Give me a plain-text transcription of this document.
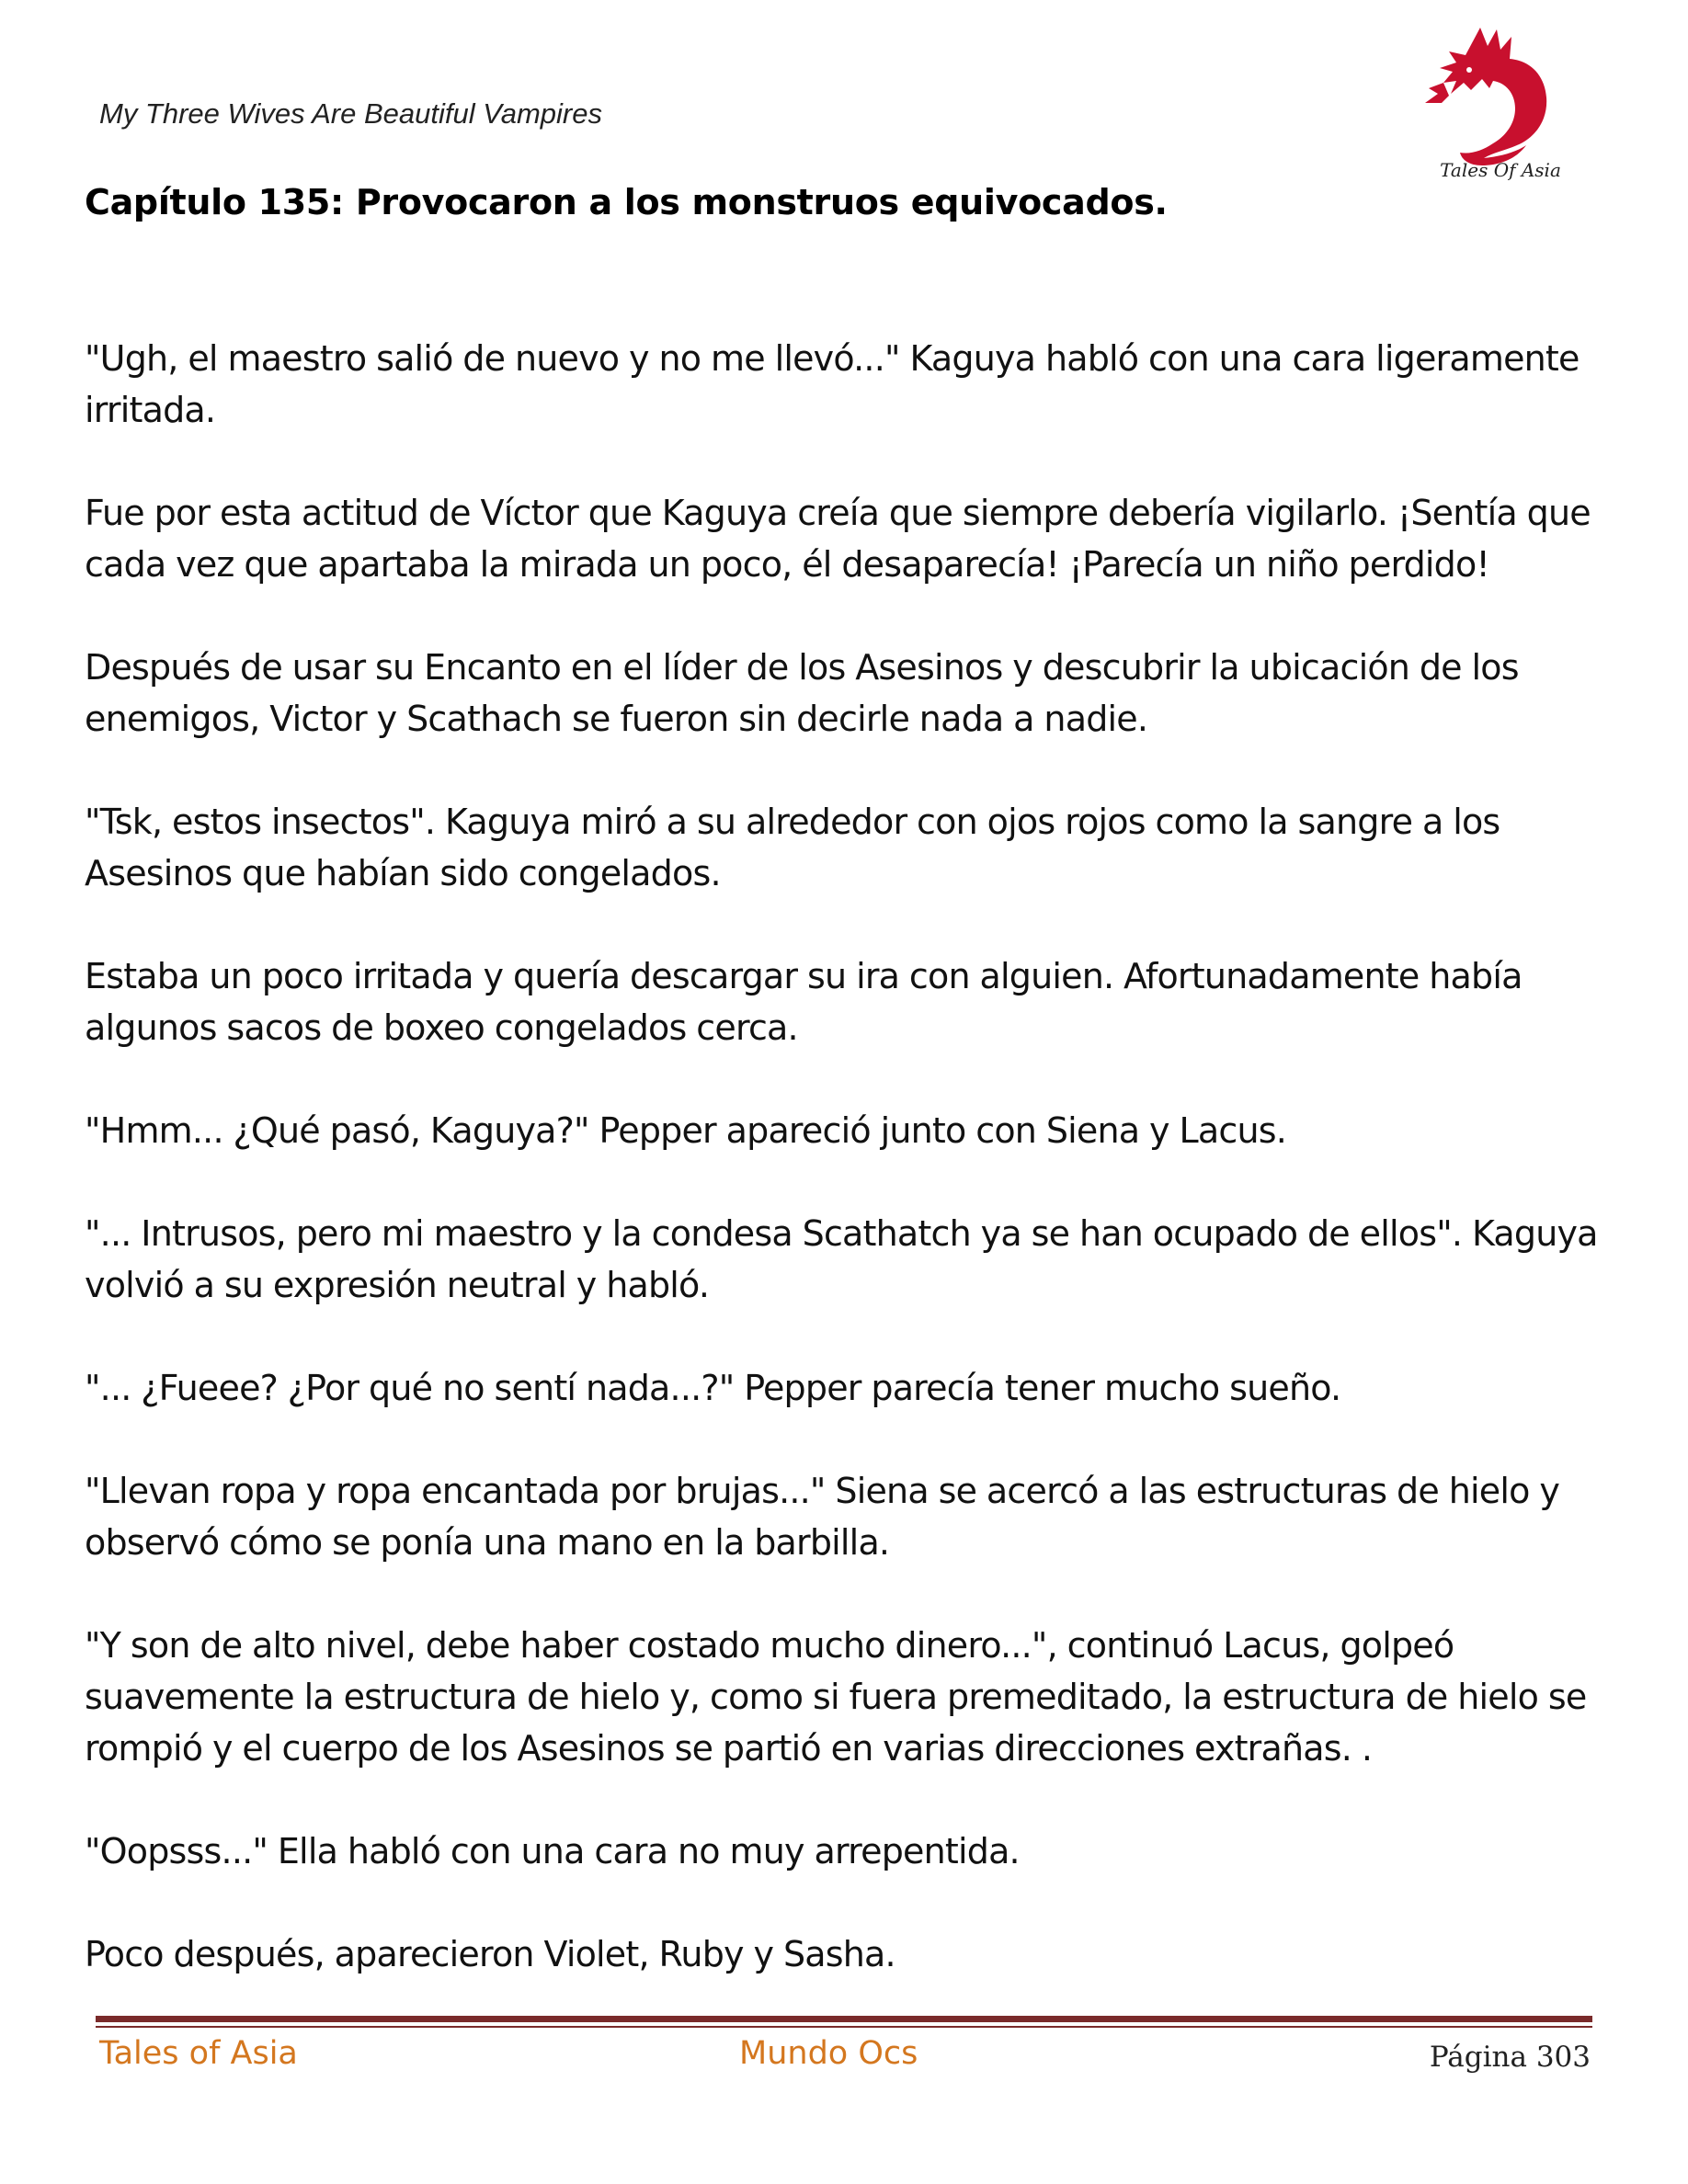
My Three Wives Are Beautiful Vampires

Tales Of Asia
Capítulo 135: Provocaron a los monstruos equivocados.

"Ugh, el maestro salió de nuevo y no me llevó..." Kaguya habló con una cara ligeramente irritada.

Fue por esta actitud de Víctor que Kaguya creía que siempre debería vigilarlo. ¡Sentía que cada vez que apartaba la mirada un poco, él desaparecía! ¡Parecía un niño perdido!

Después de usar su Encanto en el líder de los Asesinos y descubrir la ubicación de los enemigos, Victor y Scathach se fueron sin decirle nada a nadie.

"Tsk, estos insectos". Kaguya miró a su alrededor con ojos rojos como la sangre a los Asesinos que habían sido congelados.

Estaba un poco irritada y quería descargar su ira con alguien. Afortunadamente había algunos sacos de boxeo congelados cerca.

"Hmm... ¿Qué pasó, Kaguya?" Pepper apareció junto con Siena y Lacus.

"... Intrusos, pero mi maestro y la condesa Scathatch ya se han ocupado de ellos". Kaguya volvió a su expresión neutral y habló.

"... ¿Fueee? ¿Por qué no sentí nada...?" Pepper parecía tener mucho sueño.

"Llevan ropa y ropa encantada por brujas..." Siena se acercó a las estructuras de hielo y observó cómo se ponía una mano en la barbilla.

"Y son de alto nivel, debe haber costado mucho dinero...", continuó Lacus, golpeó suavemente la estructura de hielo y, como si fuera premeditado, la estructura de hielo se rompió y el cuerpo de los Asesinos se partió en varias direcciones extrañas. .

"Oopsss..." Ella habló con una cara no muy arrepentida.

Poco después, aparecieron Violet, Ruby y Sasha.

Tales of Asia	Mundo Ocs	Página 303
